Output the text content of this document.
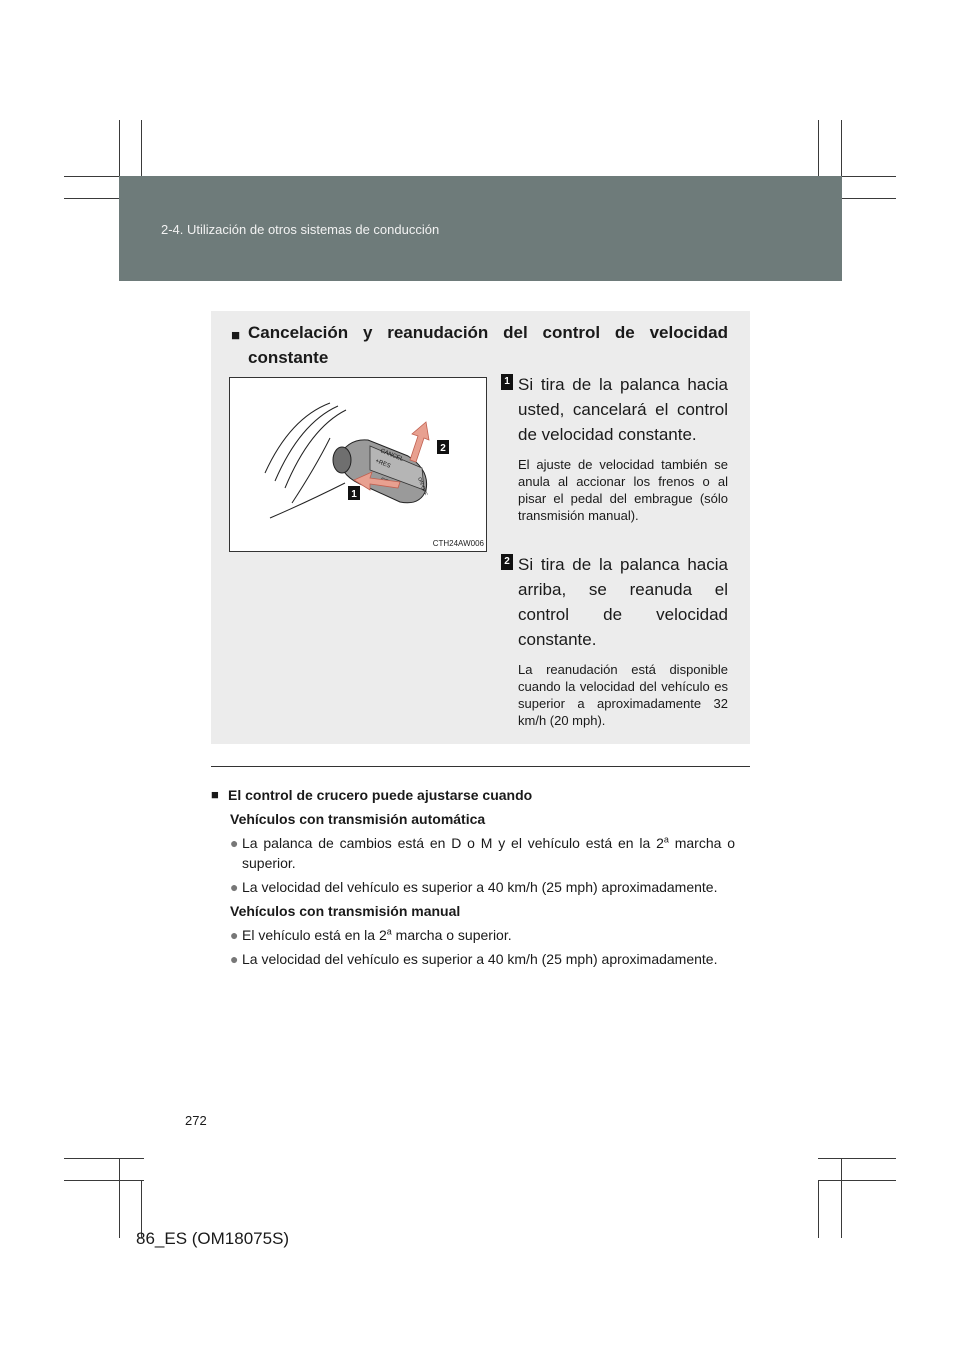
2-4. Utilización de otros sistemas de conducción
■ Cancelación y reanudación del control de velocidad
constante
CANCEL
+RES
ON-OFF
2
1
CTH24AW006
1 Si tira de la palanca hacia usted, cancelará el control de velocidad constante.
El ajuste de velocidad también se anula al accionar los frenos o al pisar el pedal del embrague (sólo transmisión manual).
2 Si tira de la palanca hacia arriba, se reanuda el control de velocidad constante.
La reanudación está disponible cuando la velocidad del vehículo es superior a aproximadamente 32 km/h (20 mph).
■ El control de crucero puede ajustarse cuando
Vehículos con transmisión automática
● La palanca de cambios está en D o M y el vehículo está en la 2$^a$ marcha o superior.
● La velocidad del vehículo es superior a 40 km/h (25 mph) aproximadamente.
Vehículos con transmisión manual
● El vehículo está en la 2$^a$ marcha o superior.
● La velocidad del vehículo es superior a 40 km/h (25 mph) aproximadamente.
272
86_ES (OM18075S)
